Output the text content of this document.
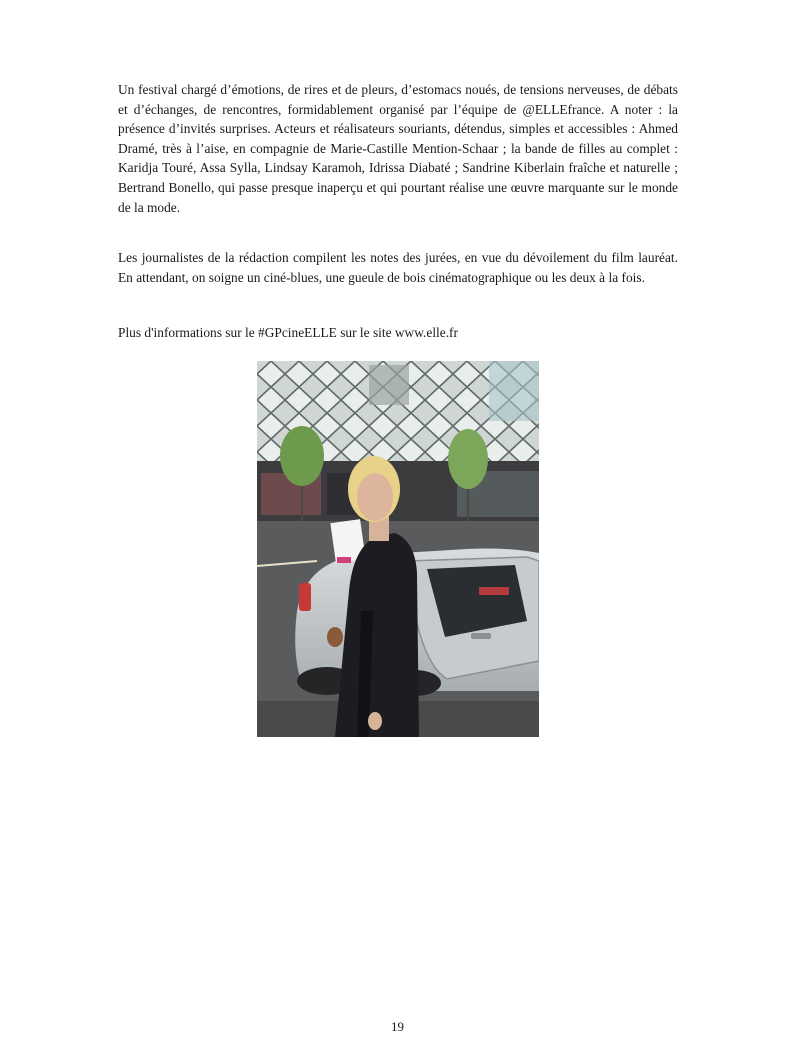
Un festival chargé d’émotions, de rires et de pleurs, d’estomacs noués, de tensions nerveuses, de débats et d’échanges, de rencontres, formidablement organisé par l’équipe de @ELLEfrance. A noter : la présence d’invités surprises. Acteurs et réalisateurs souriants, détendus, simples et accessibles : Ahmed Dramé, très à l’aise, en compagnie de Marie-Castille Mention-Schaar ; la bande de filles au complet : Karidja Touré, Assa Sylla, Lindsay Karamoh, Idrissa Diabaté ; Sandrine Kiberlain fraîche et naturelle ; Bertrand Bonello, qui passe presque inaperçu et qui pourtant réalise une œuvre marquante sur le monde de la mode.

Les journalistes de la rédaction compilent les notes des jurées, en vue du dévoilement du film lauréat. En attendant, on soigne un ciné-blues, une gueule de bois cinématographique ou les deux à la fois.

Plus d'informations sur le #GPcineELLE sur le site www.elle.fr

19
